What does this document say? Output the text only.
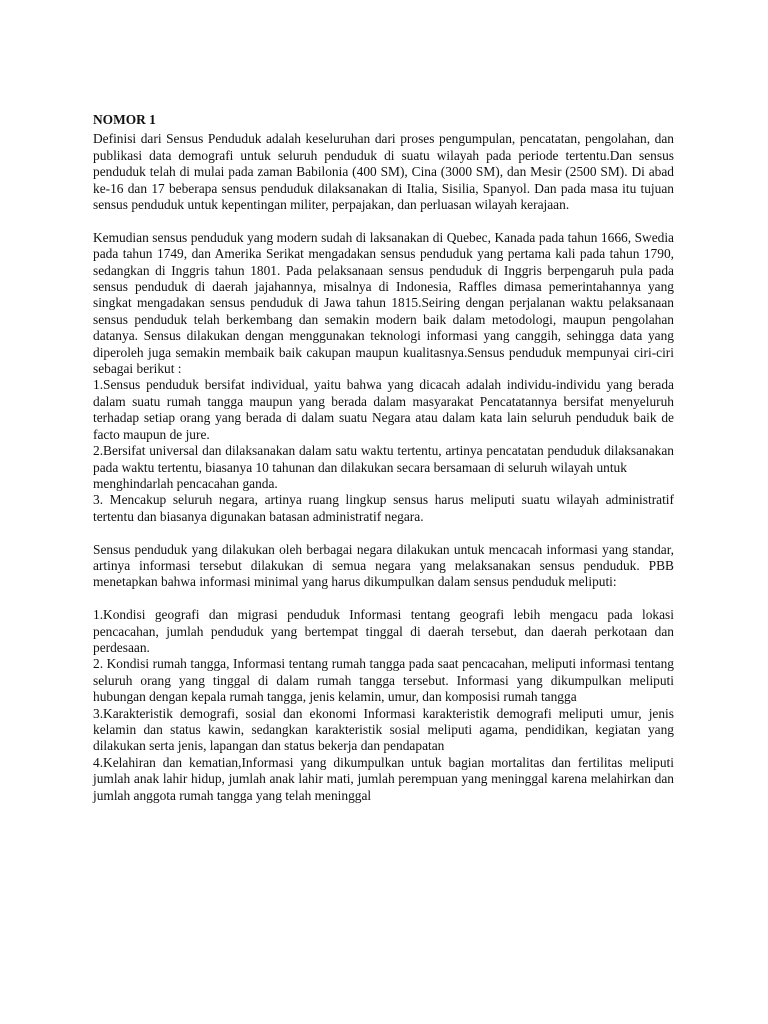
NOMOR 1

Definisi dari Sensus Penduduk adalah keseluruhan dari proses pengumpulan, pencatatan, pengolahan, dan publikasi data demografi untuk seluruh penduduk di suatu wilayah pada periode tertentu.Dan sensus penduduk telah di mulai pada zaman Babilonia (400 SM), Cina (3000 SM), dan Mesir (2500 SM). Di abad ke-16 dan 17 beberapa sensus penduduk dilaksanakan di Italia, Sisilia, Spanyol. Dan pada masa itu tujuan sensus penduduk untuk kepentingan militer, perpajakan, dan perluasan wilayah kerajaan.

Kemudian sensus penduduk yang modern sudah di laksanakan di Quebec, Kanada pada tahun 1666, Swedia pada tahun 1749, dan Amerika Serikat mengadakan sensus penduduk yang pertama kali pada tahun 1790, sedangkan di Inggris tahun 1801. Pada pelaksanaan sensus penduduk di Inggris berpengaruh pula pada sensus penduduk di daerah jajahannya, misalnya di Indonesia, Raffles dimasa pemerintahannya yang singkat mengadakan sensus penduduk di Jawa tahun 1815.Seiring dengan perjalanan waktu pelaksanaan sensus penduduk telah berkembang dan semakin modern baik dalam metodologi, maupun pengolahan datanya. Sensus dilakukan dengan menggunakan teknologi informasi yang canggih, sehingga data yang diperoleh juga semakin membaik baik cakupan maupun kualitasnya.Sensus penduduk mempunyai ciri-ciri sebagai berikut :

1.Sensus penduduk bersifat individual, yaitu bahwa yang dicacah adalah individu-individu yang berada dalam suatu rumah tangga maupun yang berada dalam masyarakat Pencatatannya bersifat menyeluruh terhadap setiap orang yang berada di dalam suatu Negara atau dalam kata lain seluruh penduduk baik de facto maupun de jure.

2.Bersifat universal dan dilaksanakan dalam satu waktu tertentu, artinya pencatatan penduduk dilaksanakan pada waktu tertentu, biasanya 10 tahunan dan dilakukan secara bersamaan di seluruh wilayah untuk

menghindarlah pencacahan ganda.

3. Mencakup seluruh negara, artinya ruang lingkup sensus harus meliputi suatu wilayah administratif tertentu dan biasanya digunakan batasan administratif negara.

Sensus penduduk yang dilakukan oleh berbagai negara dilakukan untuk mencacah informasi yang standar, artinya informasi tersebut dilakukan di semua negara yang melaksanakan sensus penduduk. PBB menetapkan bahwa informasi minimal yang harus dikumpulkan dalam sensus penduduk meliputi:

1.Kondisi geografi dan migrasi penduduk Informasi tentang geografi lebih mengacu pada lokasi pencacahan, jumlah penduduk yang bertempat tinggal di daerah tersebut, dan daerah perkotaan dan perdesaan.

2. Kondisi rumah tangga, Informasi tentang rumah tangga pada saat pencacahan, meliputi informasi tentang seluruh orang yang tinggal di dalam rumah tangga tersebut. Informasi yang dikumpulkan meliputi hubungan dengan kepala rumah tangga, jenis kelamin, umur, dan komposisi rumah tangga

3.Karakteristik demografi, sosial dan ekonomi Informasi karakteristik demografi meliputi umur, jenis kelamin dan status kawin, sedangkan karakteristik sosial meliputi agama, pendidikan, kegiatan yang dilakukan serta jenis, lapangan dan status bekerja dan pendapatan

4.Kelahiran dan kematian,Informasi yang dikumpulkan untuk bagian mortalitas dan fertilitas meliputi jumlah anak lahir hidup, jumlah anak lahir mati, jumlah perempuan yang meninggal karena melahirkan dan jumlah anggota rumah tangga yang telah meninggal
